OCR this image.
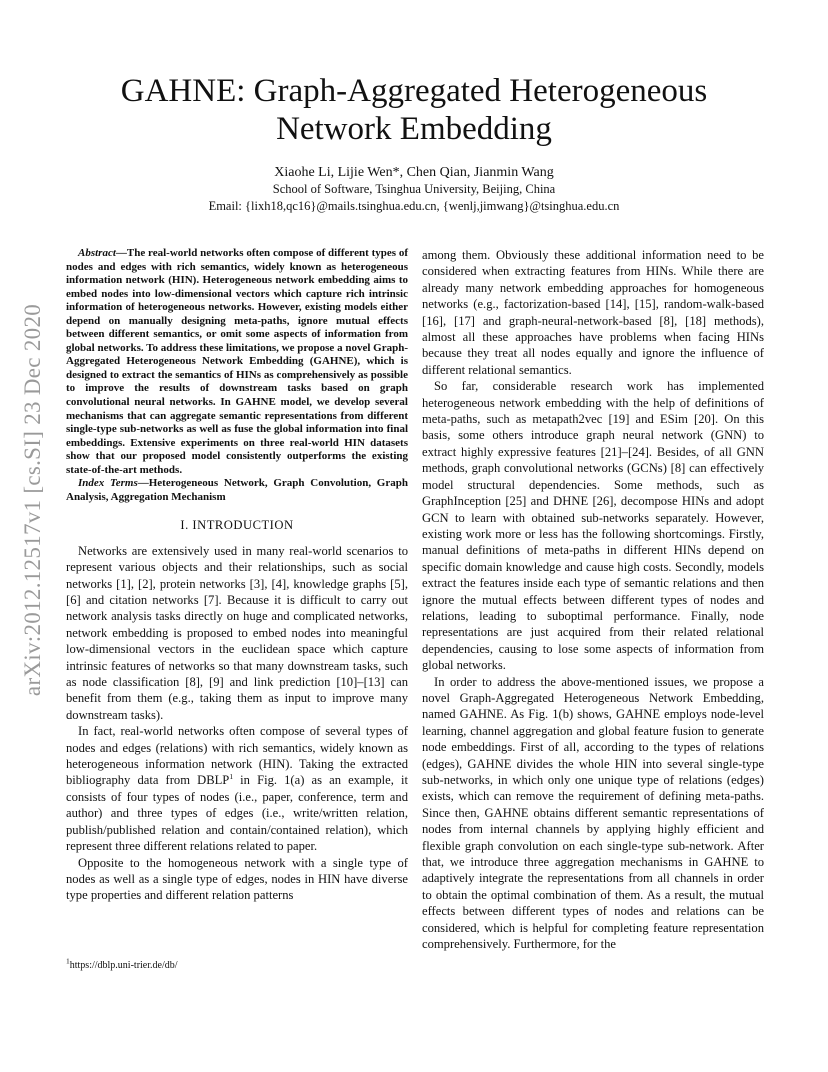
arXiv:2012.12517v1 [cs.SI] 23 Dec 2020
GAHNE: Graph-Aggregated Heterogeneous
Network Embedding
Xiaohe Li, Lijie Wen*, Chen Qian, Jianmin Wang
School of Software, Tsinghua University, Beijing, China
Email: {lixh18,qc16}@mails.tsinghua.edu.cn, {wenlj,jimwang}@tsinghua.edu.cn

Abstract—The real-world networks often compose of different types of nodes and edges with rich semantics, widely known as heterogeneous information network (HIN). Heterogeneous network embedding aims to embed nodes into low-dimensional vectors which capture rich intrinsic information of heterogeneous networks. However, existing models either depend on manually designing meta-paths, ignore mutual effects between different semantics, or omit some aspects of information from global networks. To address these limitations, we propose a novel Graph-Aggregated Heterogeneous Network Embedding (GAHNE), which is designed to extract the semantics of HINs as comprehensively as possible to improve the results of downstream tasks based on graph convolutional neural networks. In GAHNE model, we develop several mechanisms that can aggregate semantic representations from different single-type sub-networks as well as fuse the global information into final embeddings. Extensive experiments on three real-world HIN datasets show that our proposed model consistently outperforms the existing state-of-the-art methods.

Index Terms—Heterogeneous Network, Graph Convolution, Graph Analysis, Aggregation Mechanism

I. INTRODUCTION

Networks are extensively used in many real-world scenarios to represent various objects and their relationships, such as social networks [1], [2], protein networks [3], [4], knowledge graphs [5], [6] and citation networks [7]. Because it is difficult to carry out network analysis tasks directly on huge and complicated networks, network embedding is proposed to embed nodes into meaningful low-dimensional vectors in the euclidean space which capture intrinsic features of networks so that many downstream tasks, such as node classification [8], [9] and link prediction [10]–[13] can benefit from them (e.g., taking them as input to improve many downstream tasks).

In fact, real-world networks often compose of several types of nodes and edges (relations) with rich semantics, widely known as heterogeneous information network (HIN). Taking the extracted bibliography data from DBLP$^1$ in Fig. 1(a) as an example, it consists of four types of nodes (i.e., paper, conference, term and author) and three types of edges (i.e., write/written relation, publish/published relation and contain/contained relation), which represent three different relations related to paper.

Opposite to the homogeneous network with a single type of nodes as well as a single type of edges, nodes in HIN have diverse type properties and different relation patterns

$^1$https://dblp.uni-trier.de/db/

among them. Obviously these additional information need to be considered when extracting features from HINs. While there are already many network embedding approaches for homogeneous networks (e.g., factorization-based [14], [15], random-walk-based [16], [17] and graph-neural-network-based [8], [18] methods), almost all these approaches have problems when facing HINs because they treat all nodes equally and ignore the influence of different relational semantics.

So far, considerable research work has implemented heterogeneous network embedding with the help of definitions of meta-paths, such as metapath2vec [19] and ESim [20]. On this basis, some others introduce graph neural network (GNN) to extract highly expressive features [21]–[24]. Besides, of all GNN methods, graph convolutional networks (GCNs) [8] can effectively model structural dependencies. Some methods, such as GraphInception [25] and DHNE [26], decompose HINs and adopt GCN to learn with obtained sub-networks separately. However, existing work more or less has the following shortcomings. Firstly, manual definitions of meta-paths in different HINs depend on specific domain knowledge and cause high costs. Secondly, models extract the features inside each type of semantic relations and then ignore the mutual effects between different types of nodes and relations, leading to suboptimal performance. Finally, node representations are just acquired from their related relational dependencies, causing to lose some aspects of information from global networks.

In order to address the above-mentioned issues, we propose a novel Graph-Aggregated Heterogeneous Network Embedding, named GAHNE. As Fig. 1(b) shows, GAHNE employs node-level learning, channel aggregation and global feature fusion to generate node embeddings. First of all, according to the types of relations (edges), GAHNE divides the whole HIN into several single-type sub-networks, in which only one unique type of relations (edges) exists, which can remove the requirement of defining meta-paths. Since then, GAHNE obtains different semantic representations of nodes from internal channels by applying highly efficient and flexible graph convolution on each single-type sub-network. After that, we introduce three aggregation mechanisms in GAHNE to adaptively integrate the representations from all channels in order to obtain the optimal combination of them. As a result, the mutual effects between different types of nodes and relations can be considered, which is helpful for completing feature representation comprehensively. Furthermore, for the
